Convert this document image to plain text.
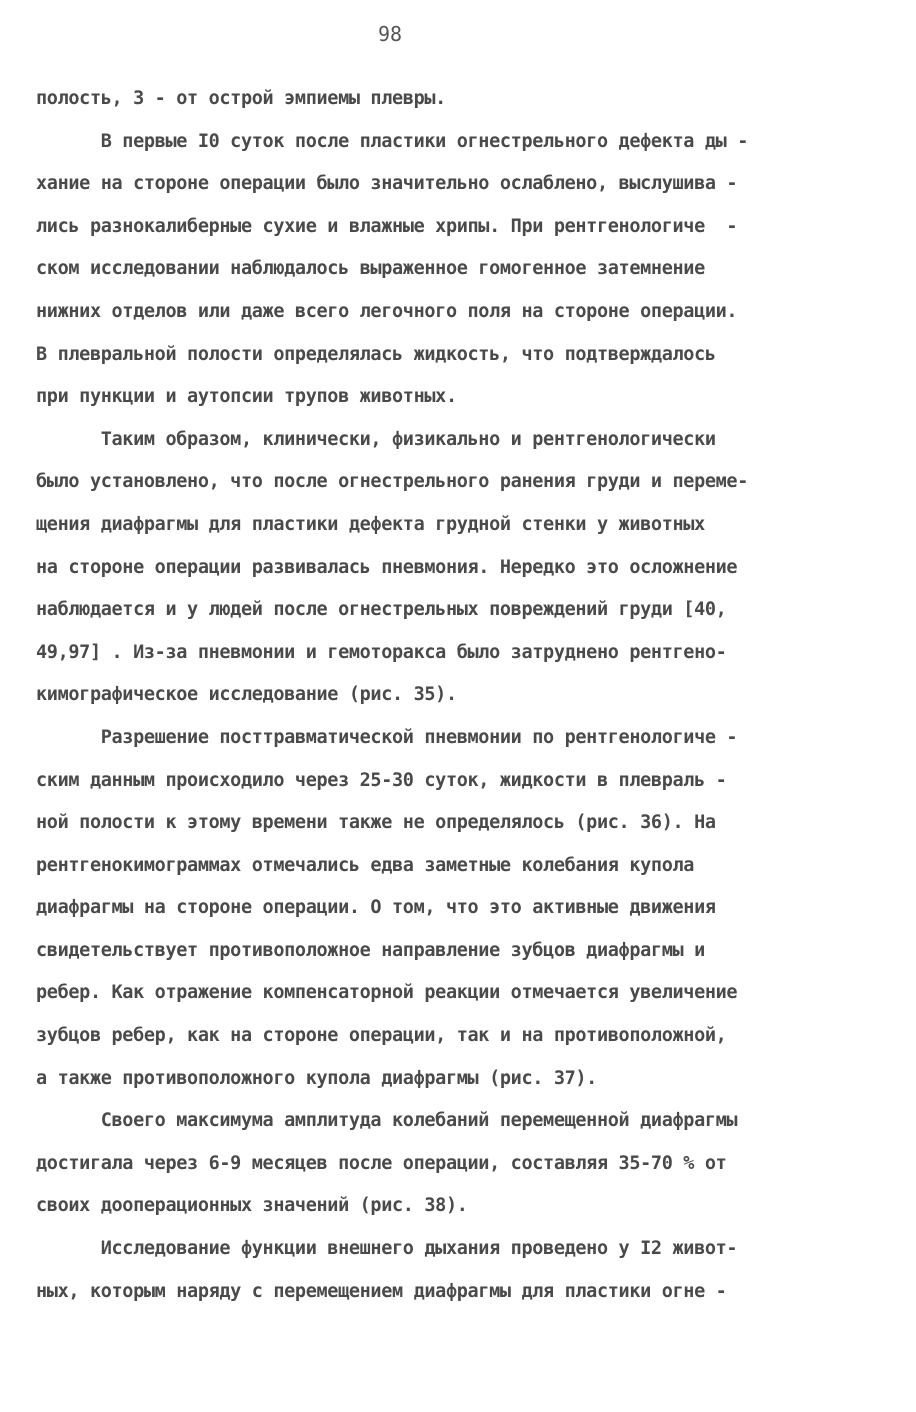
98
полость, 3 - от острой эмпиемы плевры.
В первые I0 суток после пластики огнестрельного дефекта ды -
хание на стороне операции было значительно ослаблено, выслушива -
лись разнокалиберные сухие и влажные хрипы. При рентгенологиче  -
ском исследовании наблюдалось выраженное гомогенное затемнение
нижних отделов или даже всего легочного поля на стороне операции.
В плевральной полости определялась жидкость, что подтверждалось
при пункции и аутопсии трупов животных.
Таким образом, клинически, физикально и рентгенологически
было установлено, что после огнестрельного ранения груди и переме-
щения диафрагмы для пластики дефекта грудной стенки у животных
на стороне операции развивалась пневмония. Нередко это осложнение
наблюдается и у людей после огнестрельных повреждений груди [40,
49,97] . Из-за пневмонии и гемоторакса было затруднено рентгено-
кимографическое исследование (рис. 35).
Разрешение посттравматической пневмонии по рентгенологиче -
ским данным происходило через 25-30 суток, жидкости в плевраль -
ной полости к этому времени также не определялось (рис. 36). На
рентгенокимограммах отмечались едва заметные колебания купола
диафрагмы на стороне операции. О том, что это активные движения
свидетельствует противоположное направление зубцов диафрагмы и
ребер. Как отражение компенсаторной реакции отмечается увеличение
зубцов ребер, как на стороне операции, так и на противоположной,
а также противоположного купола диафрагмы (рис. 37).
Своего максимума амплитуда колебаний перемещенной диафрагмы
достигала через 6-9 месяцев после операции, составляя 35-70 % от
своих дооперационных значений (рис. 38).
Исследование функции внешнего дыхания проведено у I2 живот-
ных, которым наряду с перемещением диафрагмы для пластики огне -
